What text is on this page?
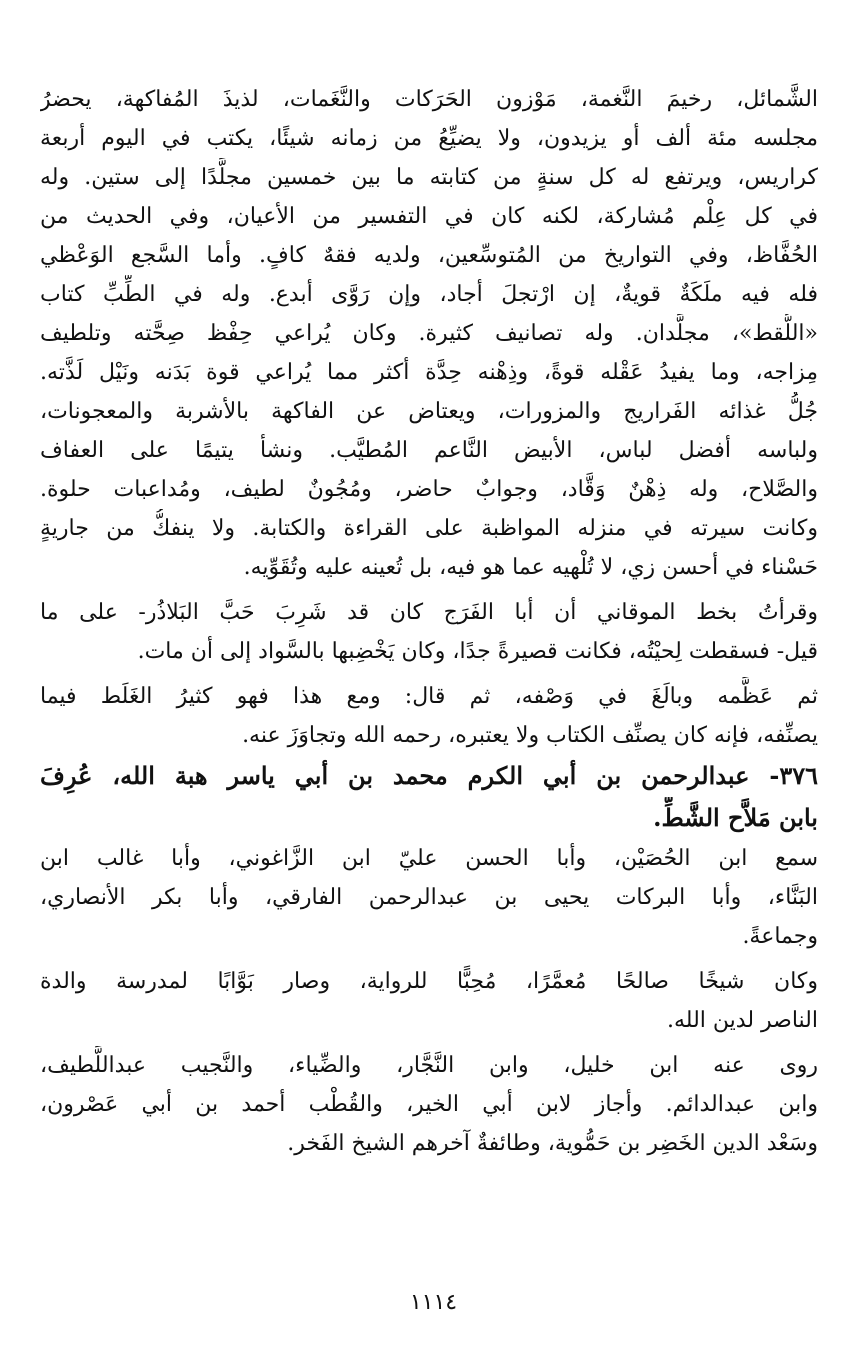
الشَّمائل، رخيمَ النَّغمة، مَوْزون الحَرَكات والنَّغَمات، لذيذَ المُفاكهة، يحضرُ
مجلسه مئة ألف أو يزيدون، ولا يضيِّعُ من زمانه شيئًا، يكتب في اليوم أربعة
كراريس، ويرتفع له كل سنةٍ من كتابته ما بين خمسين مجلَّدًا إلى ستين. وله
في كل عِلْم مُشاركة، لكنه كان في التفسير من الأعيان، وفي الحديث من
الحُفَّاظ، وفي التواريخ من المُتوسِّعين، ولديه فقهٌ كافٍ. وأما السَّجع الوَعْظي
فله فيه ملَكَةٌ قويةٌ، إن ارْتجلَ أجاد، وإن رَوَّى أبدع. وله في الطِّبِّ كتاب
«اللُّقط»، مجلَّدان. وله تصانيف كثيرة. وكان يُراعي حِفْظ صِحَّته وتلطيف
مِزاجه، وما يفيدُ عَقْله قوةً، وذِهْنه حِدَّة أكثر مما يُراعي قوة بَدَنه ونَيْل لَذَّته.
جُلُّ غذائه الفَراريج والمزورات، ويعتاض عن الفاكهة بالأشربة والمعجونات،
ولباسه أفضل لباس، الأبيض النَّاعم المُطيَّب. ونشأ يتيمًا على العفاف
والصَّلاح، وله ذِهْنٌ وَقَّاد، وجوابٌ حاضر، ومُجُونٌ لطيف، ومُداعبات حلوة.
وكانت سيرته في منزله المواظبة على القراءة والكتابة. ولا ينفكُّ من جاريةٍ
حَسْناء في أحسن زي، لا تُلْهيه عما هو فيه، بل تُعينه عليه وتُقَوِّيه.
وقرأتُ بخط الموقاني أن أبا الفَرَج كان قد شَرِبَ حَبَّ البَلاذُر- على ما
قيل- فسقطت لِحيْتُه، فكانت قصيرةً جدًا، وكان يَخْضِبها بالسَّواد إلى أن مات.
ثم عَظَّمه وبالَغَ في وَصْفه، ثم قال: ومع هذا فهو كثيرُ الغَلَط فيما
يصنِّفه، فإنه كان يصنِّف الكتاب ولا يعتبره، رحمه الله وتجاوَزَ عنه.
٣٧٦- عبدالرحمن بن أبي الكرم محمد بن أبي ياسر هبة الله، عُرِفَ
بابن مَلاَّح الشَّطِّ.
سمع ابن الحُصَيْن، وأبا الحسن عليّ ابن الزَّاغوني، وأبا غالب ابن
البَنَّاء، وأبا البركات يحيى بن عبدالرحمن الفارقي، وأبا بكر الأنصاري،
وجماعةً.
وكان شيخًا صالحًا مُعمَّرًا، مُحِبًّا للرواية، وصار بَوَّابًا لمدرسة والدة
الناصر لدين الله.
روى عنه ابن خليل، وابن النَّجَّار، والضِّياء، والنَّجيب عبداللَّطيف،
وابن عبدالدائم. وأجاز لابن أبي الخير، والقُطْب أحمد بن أبي عَصْرون،
وسَعْد الدين الخَضِر بن حَمُّوية، وطائفةٌ آخرهم الشيخ الفَخر.
١١١٤
